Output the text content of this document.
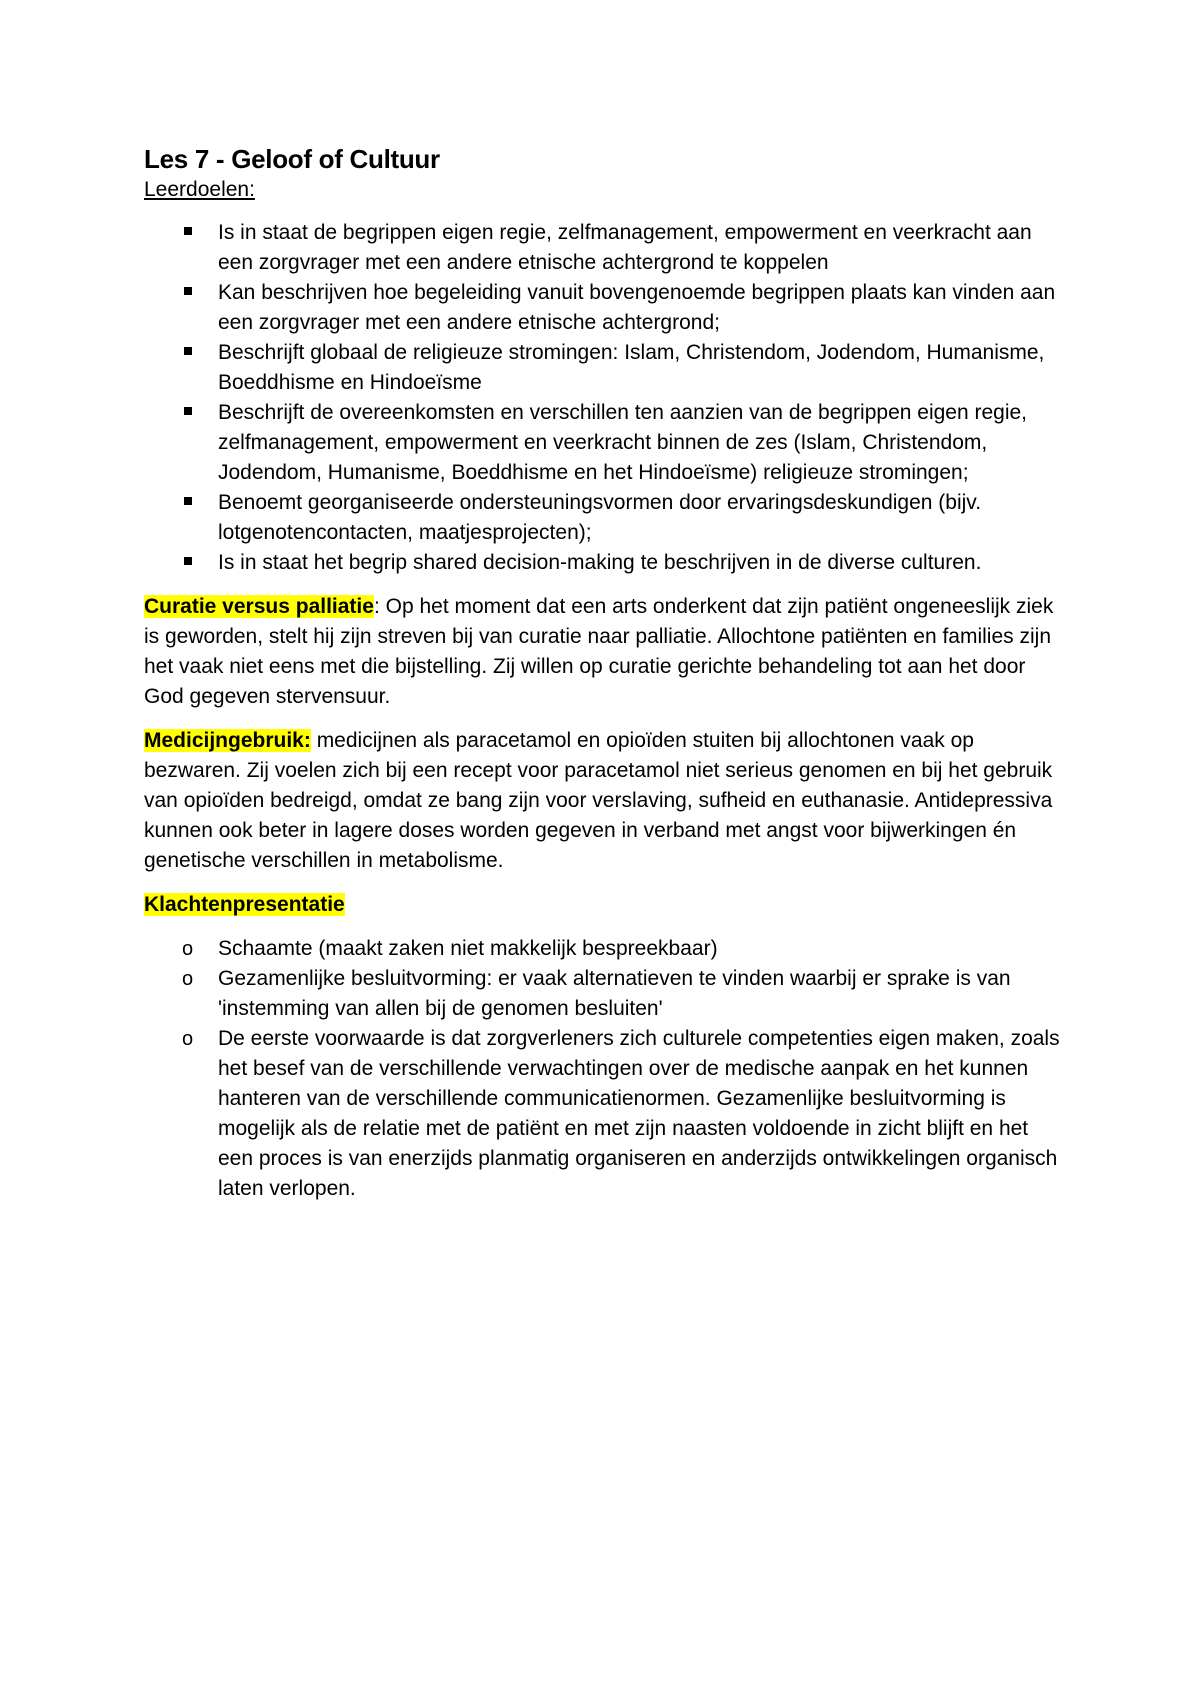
Les 7 - Geloof of Cultuur
Leerdoelen:
Is in staat de begrippen eigen regie, zelfmanagement, empowerment en veerkracht aan een zorgvrager met een andere etnische achtergrond te koppelen
Kan beschrijven hoe begeleiding vanuit bovengenoemde begrippen plaats kan vinden aan een zorgvrager met een andere etnische achtergrond;
Beschrijft globaal de religieuze stromingen: Islam, Christendom, Jodendom, Humanisme, Boeddhisme en Hindoeïsme
Beschrijft de overeenkomsten en verschillen ten aanzien van de begrippen eigen regie, zelfmanagement, empowerment en veerkracht binnen de zes (Islam, Christendom, Jodendom, Humanisme, Boeddhisme en het Hindoeïsme) religieuze stromingen;
Benoemt georganiseerde ondersteuningsvormen door ervaringsdeskundigen (bijv. lotgenotencontacten, maatjesprojecten);
Is in staat het begrip shared decision-making te beschrijven in de diverse culturen.

Curatie versus palliatie: Op het moment dat een arts onderkent dat zijn patiënt ongeneeslijk ziek is geworden, stelt hij zijn streven bij van curatie naar palliatie. Allochtone patiënten en families zijn het vaak niet eens met die bijstelling. Zij willen op curatie gerichte behandeling tot aan het door God gegeven stervensuur.

Medicijngebruik: medicijnen als paracetamol en opioïden stuiten bij allochtonen vaak op bezwaren. Zij voelen zich bij een recept voor paracetamol niet serieus genomen en bij het gebruik van opioïden bedreigd, omdat ze bang zijn voor verslaving, sufheid en euthanasie. Antidepressiva kunnen ook beter in lagere doses worden gegeven in verband met angst voor bijwerkingen én genetische verschillen in metabolisme.

Klachtenpresentatie
o Schaamte (maakt zaken niet makkelijk bespreekbaar)
o Gezamenlijke besluitvorming: er vaak alternatieven te vinden waarbij er sprake is van 'instemming van allen bij de genomen besluiten'
o De eerste voorwaarde is dat zorgverleners zich culturele competenties eigen maken, zoals het besef van de verschillende verwachtingen over de medische aanpak en het kunnen hanteren van de verschillende communicatienormen. Gezamenlijke besluitvorming is mogelijk als de relatie met de patiënt en met zijn naasten voldoende in zicht blijft en het een proces is van enerzijds planmatig organiseren en anderzijds ontwikkelingen organisch laten verlopen.
